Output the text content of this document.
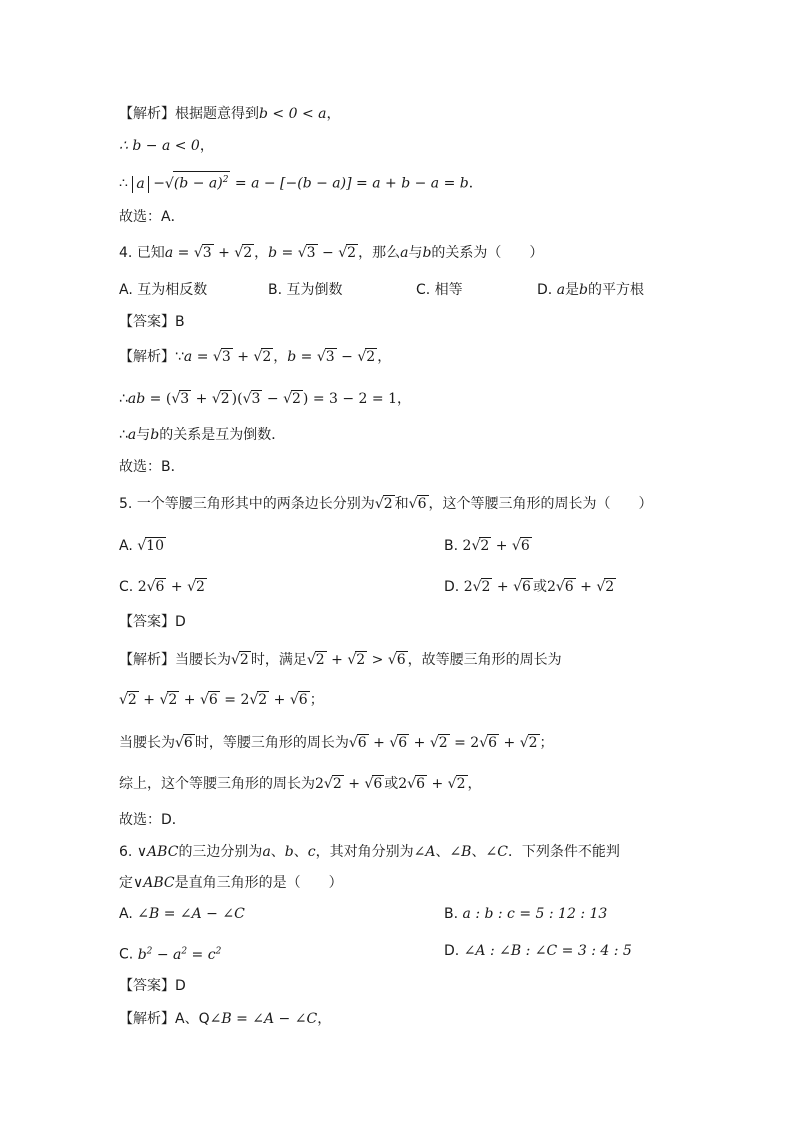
【解析】根据题意得到b < 0 < a，
∴ b − a < 0，
∴ $a -√(b - a)^2 = a - [-(b - a)] = a + b - a = b$．
故选：A．
4. 已知a = √3 + √2 ，b = √3 − √2 ，那么a与b的关系为（　　）
A. 互为相反数	B. 互为倒数	C. 相等	D. a是b的平方根
【答案】B
【解析】∵a = √3 + √2 ，b = √3 − √2 ，
∴ab = (√3 + √2 )(√3 − √2 ) = 3 − 2 = 1，
∴a与b的关系是互为倒数．
故选：B．
5. 一个等腰三角形其中的两条边长分别为√2 和√6 ，这个等腰三角形的周长为（　　）
A. √10	B. 2√2 + √6
C. 2√6 + √2	D. 2√2 + √6 或2√6 + √2
【答案】D
【解析】当腰长为√2 时，满足√2 + √2 > √6 ，故等腰三角形的周长为
√2 + √2 + √6 = 2√2 + √6 ；
当腰长为√6 时，等腰三角形的周长为√6 + √6 + √2 = 2√6 + √2 ；
综上，这个等腰三角形的周长为2√2 + √6 或2√6 + √2 ，
故选：D．
6. ∨ABC的三边分别为a、b、c，其对角分别为∠A、∠B、∠C．下列条件不能判
定∨ABC是直角三角形的是（　　）
A. ∠B = ∠A − ∠C	B. a : b : c = 5 : 12 : 13
C. $b^2 - a^2 = c^2$	D. ∠A : ∠B : ∠C = 3 : 4 : 5
【答案】D
【解析】A、Q∠B = ∠A − ∠C，
